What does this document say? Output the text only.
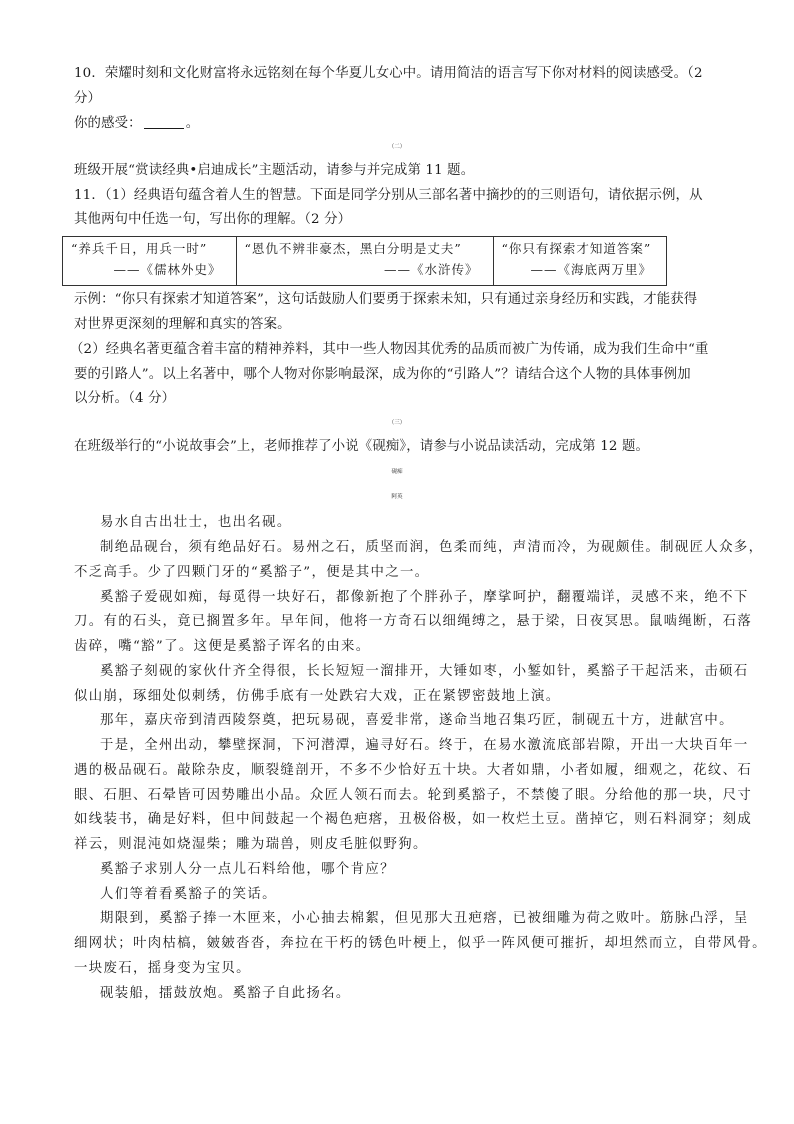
10．荣耀时刻和文化财富将永远铭刻在每个华夏儿女心中。请用简洁的语言写下你对材料的阅读感受。（2
分）
你的感受：	。
（二）
班级开展“赏读经典•启迪成长”主题活动，请参与并完成第 11 题。
11．（1）经典语句蕴含着人生的智慧。下面是同学分别从三部名著中摘抄的的三则语句，请依据示例，从
其他两句中任选一句，写出你的理解。（2 分）
“养兵千日，用兵一时”
——《儒林外史》

“恩仇不辨非豪杰，黑白分明是丈夫”
——《水浒传》

“你只有探索才知道答案”
——《海底两万里》
示例：“你只有探索才知道答案”，这句话鼓励人们要勇于探索未知，只有通过亲身经历和实践，才能获得
对世界更深刻的理解和真实的答案。
（2）经典名著更蕴含着丰富的精神养料，其中一些人物因其优秀的品质而被广为传诵，成为我们生命中“重
要的引路人”。以上名著中，哪个人物对你影响最深，成为你的“引路人”？请结合这个人物的具体事例加
以分析。（4 分）
（三）
在班级举行的“小说故事会”上，老师推荐了小说《砚痴》，请参与小说品读活动，完成第 12 题。
砚痴
阿英
易水自古出壮士，也出名砚。
制绝品砚台，须有绝品好石。易州之石，质坚而润，色柔而纯，声清而冷，为砚颇佳。制砚匠人众多，
不乏高手。少了四颗门牙的“奚豁子”，便是其中之一。
奚豁子爱砚如痴，每觅得一块好石，都像新抱了个胖孙子，摩挲呵护，翻覆端详，灵感不来，绝不下
刀。有的石头，竟已搁置多年。早年间，他将一方奇石以细绳缚之，悬于梁，日夜冥思。鼠啮绳断，石落
齿碎，嘴“豁”了。这便是奚豁子诨名的由来。
奚豁子刻砚的家伙什齐全得很，长长短短一溜排开，大锤如枣，小錾如针，奚豁子干起活来，击硕石
似山崩，琢细处似刺绣，仿佛手底有一处跌宕大戏，正在紧锣密鼓地上演。
那年，嘉庆帝到清西陵祭奠，把玩易砚，喜爱非常，遂命当地召集巧匠，制砚五十方，进献宫中。
于是，全州出动，攀壁探洞，下河潜潭，遍寻好石。终于，在易水激流底部岩隙，开出一大块百年一
遇的极品砚石。敲除杂皮，顺裂缝剖开，不多不少恰好五十块。大者如鼎，小者如履，细观之，花纹、石
眼、石胆、石晕皆可因势雕出小品。众匠人领石而去。轮到奚豁子，不禁傻了眼。分给他的那一块，尺寸
如线装书，确是好料，但中间鼓起一个褐色疤瘩，丑极俗极，如一枚烂土豆。凿掉它，则石料洞穿；刻成
祥云，则混沌如烧湿柴；雕为瑞兽，则皮毛脏似野狗。
奚豁子求别人分一点儿石料给他，哪个肯应？
人们等着看奚豁子的笑话。
期限到，奚豁子捧一木匣来，小心抽去棉絮，但见那大丑疤瘩，已被细雕为荷之败叶。筋脉凸浮，呈
细网状；叶肉枯槁，皴皴沓沓，奔拉在干朽的锈色叶梗上，似乎一阵风便可摧折，却坦然而立，自带风骨。
一块废石，摇身变为宝贝。
砚装船，擂鼓放炮。奚豁子自此扬名。
